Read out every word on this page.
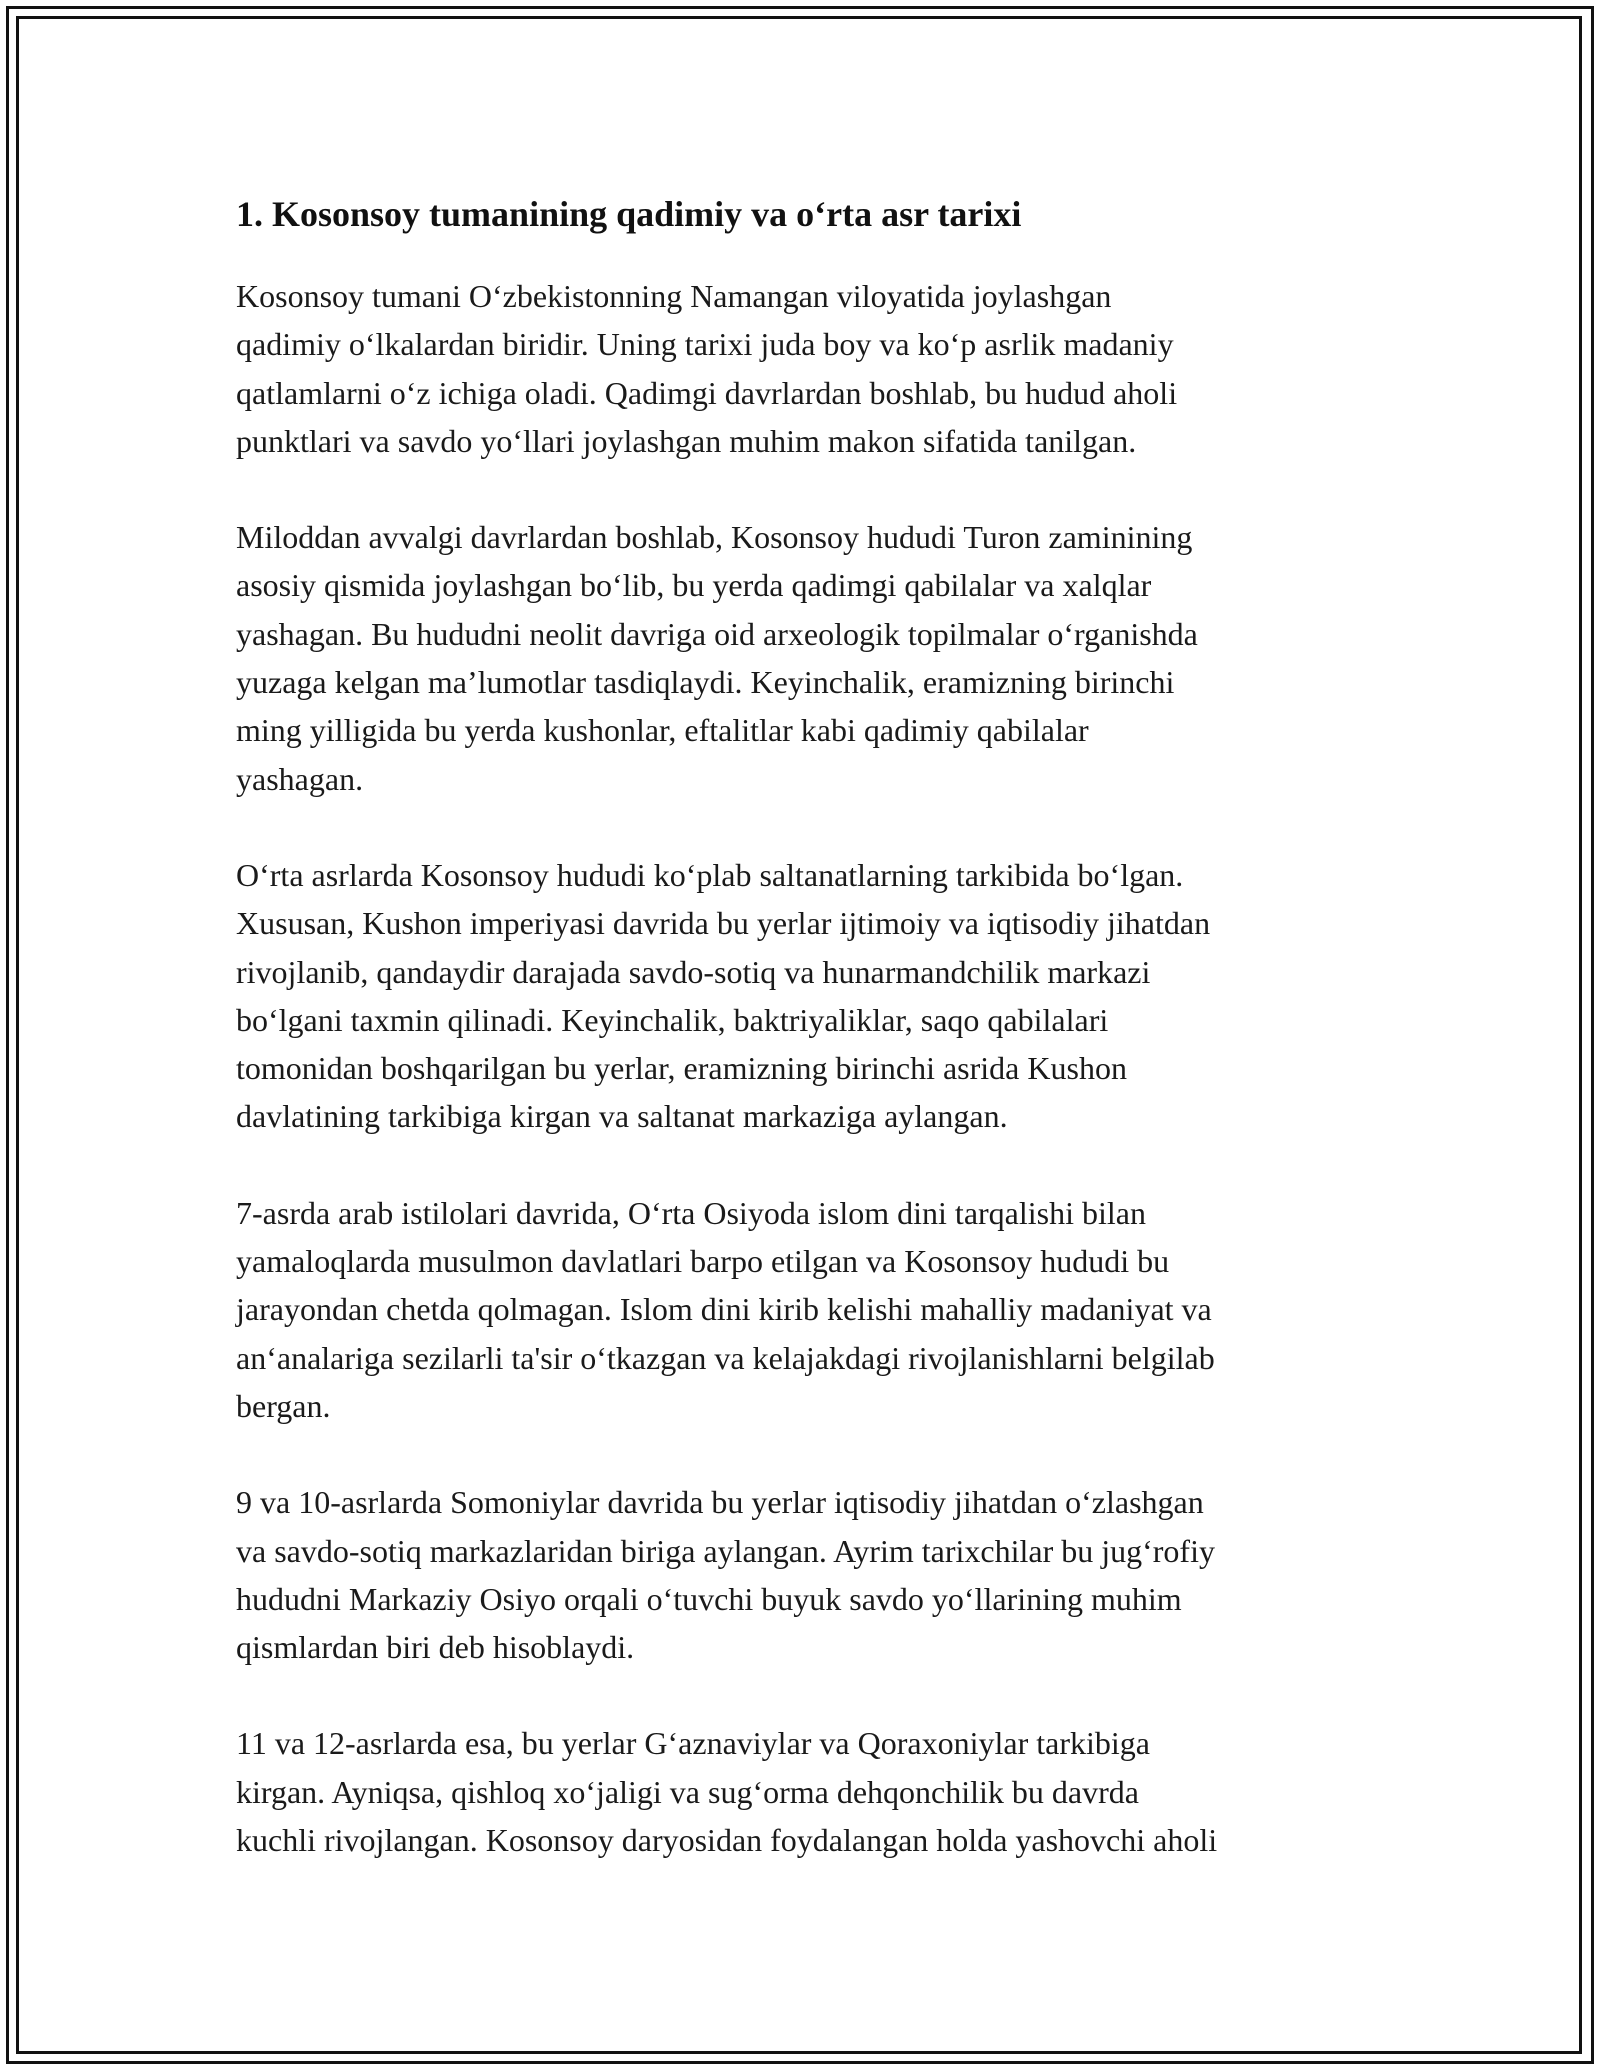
1. Kosonsoy tumanining qadimiy va oʻrta asr tarixi

Kosonsoy tumani Oʻzbekistonning Namangan viloyatida joylashgan
qadimiy oʻlkalardan biridir. Uning tarixi juda boy va koʻp asrlik madaniy
qatlamlarni oʻz ichiga oladi. Qadimgi davrlardan boshlab, bu hudud aholi
punktlari va savdo yoʻllari joylashgan muhim makon sifatida tanilgan.

Miloddan avvalgi davrlardan boshlab, Kosonsoy hududi Turon zaminining
asosiy qismida joylashgan boʻlib, bu yerda qadimgi qabilalar va xalqlar
yashagan. Bu hududni neolit davriga oid arxeologik topilmalar oʻrganishda
yuzaga kelgan maʼlumotlar tasdiqlaydi. Keyinchalik, eramizning birinchi
ming yilligida bu yerda kushonlar, eftalitlar kabi qadimiy qabilalar
yashagan.

Oʻrta asrlarda Kosonsoy hududi koʻplab saltanatlarning tarkibida boʻlgan.
Xususan, Kushon imperiyasi davrida bu yerlar ijtimoiy va iqtisodiy jihatdan
rivojlanib, qandaydir darajada savdo-sotiq va hunarmandchilik markazi
boʻlgani taxmin qilinadi. Keyinchalik, baktriyaliklar, saqo qabilalari
tomonidan boshqarilgan bu yerlar, eramizning birinchi asrida Kushon
davlatining tarkibiga kirgan va saltanat markaziga aylangan.

7-asrda arab istilolari davrida, Oʻrta Osiyoda islom dini tarqalishi bilan
yamaloqlarda musulmon davlatlari barpo etilgan va Kosonsoy hududi bu
jarayondan chetda qolmagan. Islom dini kirib kelishi mahalliy madaniyat va
anʻanalariga sezilarli ta'sir oʻtkazgan va kelajakdagi rivojlanishlarni belgilab
bergan.

9 va 10-asrlarda Somoniylar davrida bu yerlar iqtisodiy jihatdan oʻzlashgan
va savdo-sotiq markazlaridan biriga aylangan. Ayrim tarixchilar bu jugʻrofiy
hududni Markaziy Osiyo orqali oʻtuvchi buyuk savdo yoʻllarining muhim
qismlardan biri deb hisoblaydi.

11 va 12-asrlarda esa, bu yerlar Gʻaznaviylar va Qoraxoniylar tarkibiga
kirgan. Ayniqsa, qishloq xoʻjaligi va sugʻorma dehqonchilik bu davrda
kuchli rivojlangan. Kosonsoy daryosidan foydalangan holda yashovchi aholi
